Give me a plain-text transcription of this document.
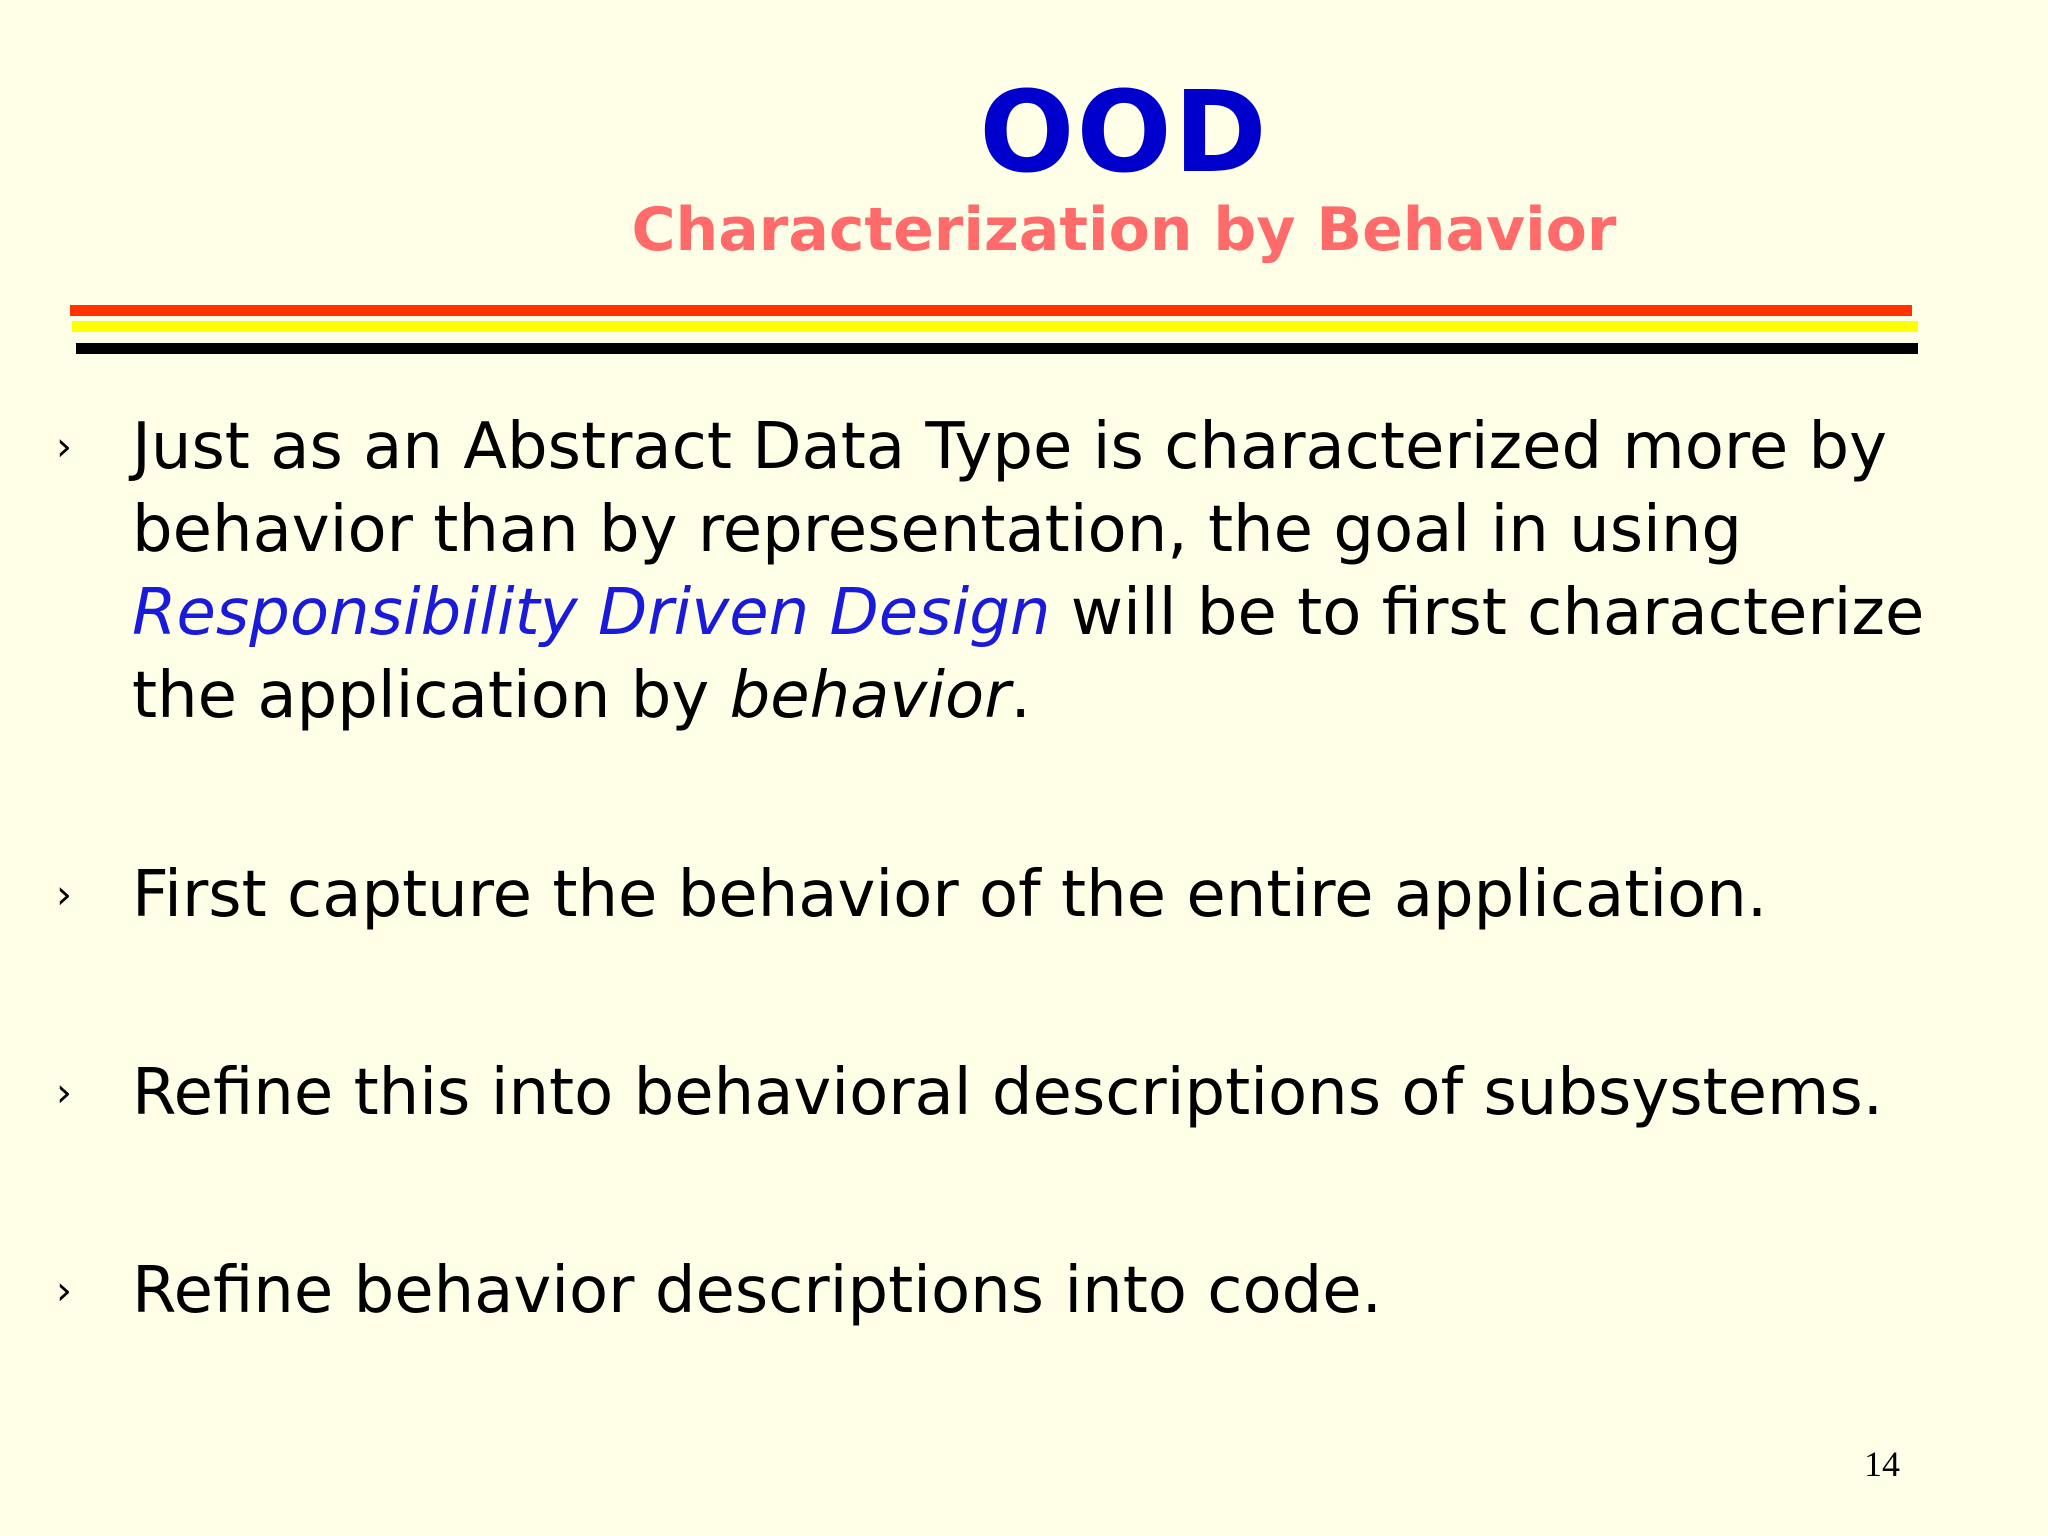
OOD
Characterization by Behavior
› Just as an Abstract Data Type is characterized more by behavior than by representation, the goal in using Responsibility Driven Design will be to first characterize the application by behavior.
› First capture the behavior of the entire application.
› Refine this into behavioral descriptions of subsystems.
› Refine behavior descriptions into code.
14
